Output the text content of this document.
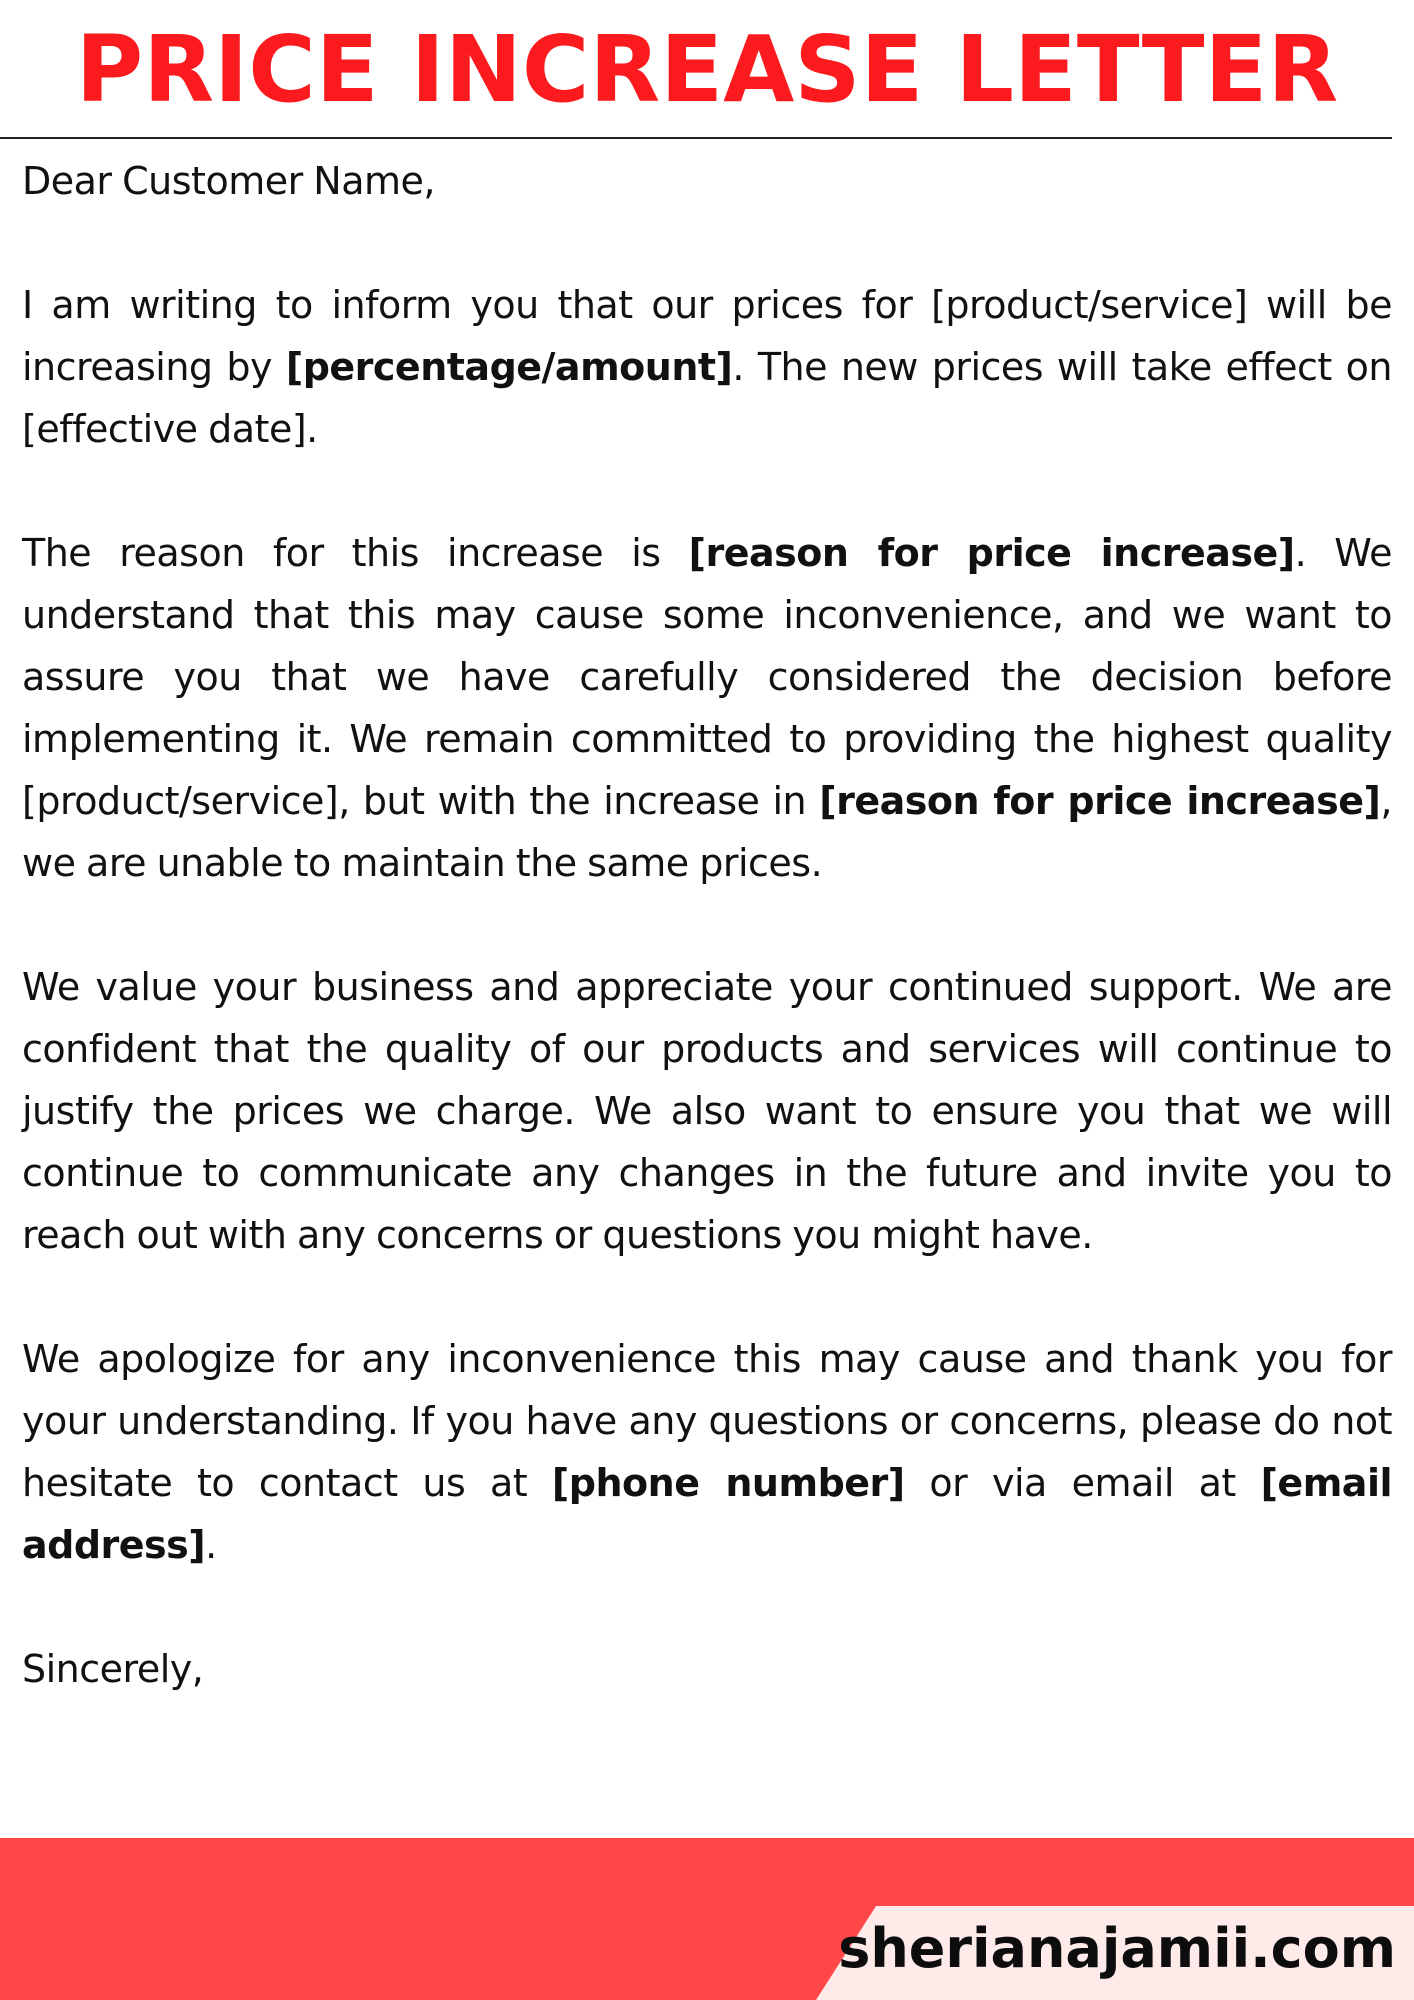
PRICE INCREASE LETTER

Dear Customer Name,

I am writing to inform you that our prices for [product/service] will be increasing by [percentage/amount]. The new prices will take effect on [effective date].

The reason for this increase is [reason for price increase]. We understand that this may cause some inconvenience, and we want to assure you that we have carefully considered the decision before implementing it. We remain committed to providing the highest quality [product/service], but with the increase in [reason for price increase], we are unable to maintain the same prices.

We value your business and appreciate your continued support. We are confident that the quality of our products and services will continue to justify the prices we charge. We also want to ensure you that we will continue to communicate any changes in the future and invite you to reach out with any concerns or questions you might have.

We apologize for any inconvenience this may cause and thank you for your understanding. If you have any questions or concerns, please do not hesitate to contact us at [phone number] or via email at [email address].

Sincerely,

sherianajamii.com
